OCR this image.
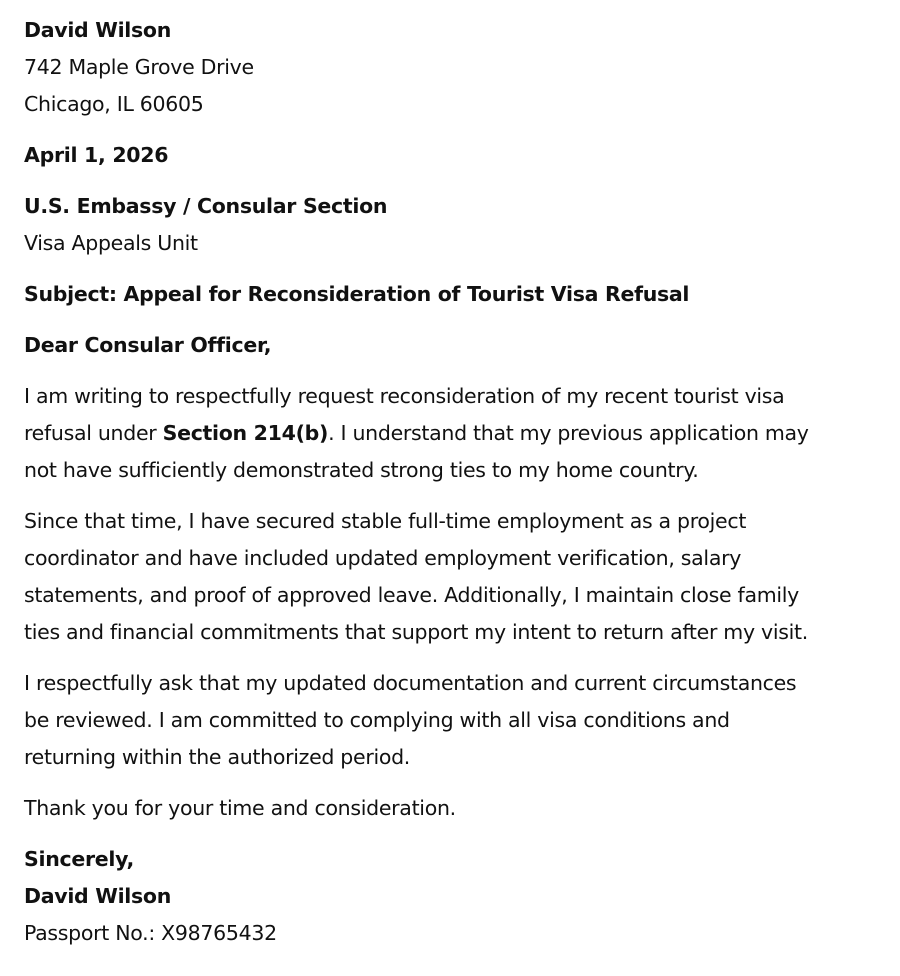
David Wilson
742 Maple Grove Drive
Chicago, IL 60605
April 1, 2026
U.S. Embassy / Consular Section
Visa Appeals Unit
Subject: Appeal for Reconsideration of Tourist Visa Refusal
Dear Consular Officer,

I am writing to respectfully request reconsideration of my recent tourist visa
refusal under Section 214(b). I understand that my previous application may
not have sufficiently demonstrated strong ties to my home country.

Since that time, I have secured stable full-time employment as a project
coordinator and have included updated employment verification, salary
statements, and proof of approved leave. Additionally, I maintain close family
ties and financial commitments that support my intent to return after my visit.

I respectfully ask that my updated documentation and current circumstances
be reviewed. I am committed to complying with all visa conditions and
returning within the authorized period.

Thank you for your time and consideration.

Sincerely,
David Wilson
Passport No.: X98765432
